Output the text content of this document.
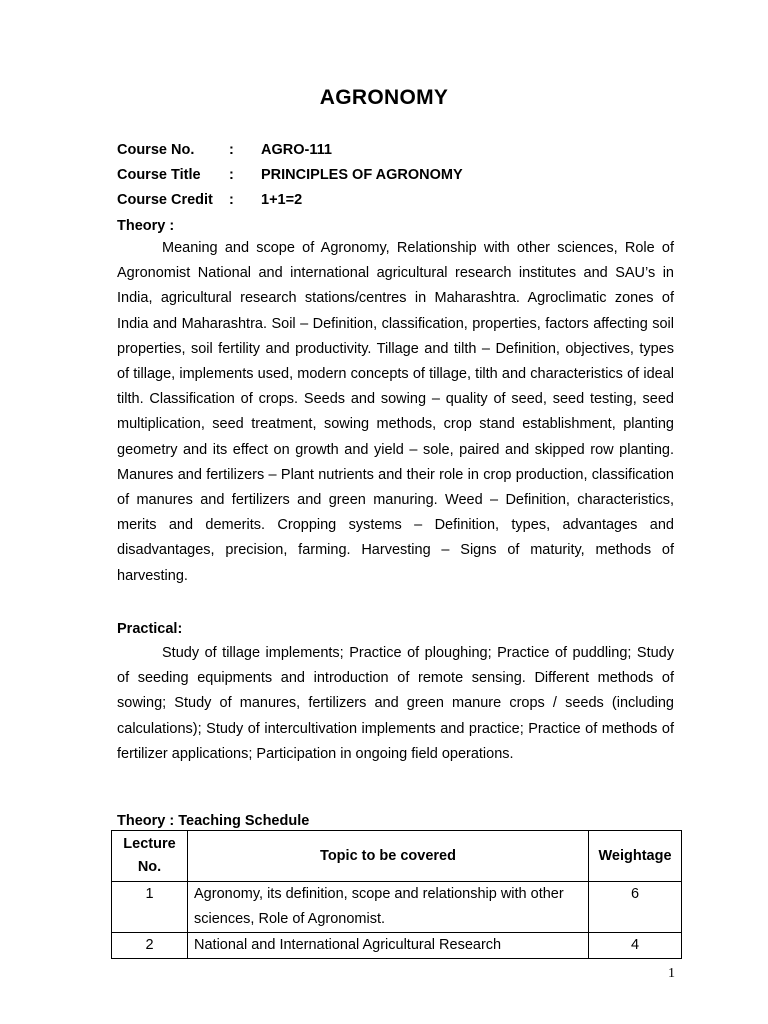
AGRONOMY
Course No. : AGRO-111
Course Title : PRINCIPLES OF AGRONOMY
Course Credit : 1+1=2
Theory :

Meaning and scope of Agronomy, Relationship with other sciences, Role of Agronomist National and international agricultural research institutes and SAU’s in India, agricultural research stations/centres in Maharashtra. Agroclimatic zones of India and Maharashtra. Soil – Definition, classification, properties, factors affecting soil properties, soil fertility and productivity. Tillage and tilth – Definition, objectives, types of tillage, implements used, modern concepts of tillage, tilth and characteristics of ideal tilth. Classification of crops. Seeds and sowing – quality of seed, seed testing, seed multiplication, seed treatment, sowing methods, crop stand establishment, planting geometry and its effect on growth and yield – sole, paired and skipped row planting. Manures and fertilizers – Plant nutrients and their role in crop production, classification of manures and fertilizers and green manuring. Weed – Definition, characteristics, merits and demerits. Cropping systems – Definition, types, advantages and disadvantages, precision, farming. Harvesting – Signs of maturity, methods of harvesting.

Practical:

Study of tillage implements; Practice of ploughing; Practice of puddling; Study of seeding equipments and introduction of remote sensing. Different methods of sowing; Study of manures, fertilizers and green manure crops / seeds (including calculations); Study of intercultivation implements and practice; Practice of methods of fertilizer applications; Participation in ongoing field operations.

Theory : Teaching Schedule
Lecture
No.	Topic to be covered	Weightage
1	Agronomy, its definition, scope and relationship with other sciences, Role of Agronomist.	6
2	National and International Agricultural Research	4
1
